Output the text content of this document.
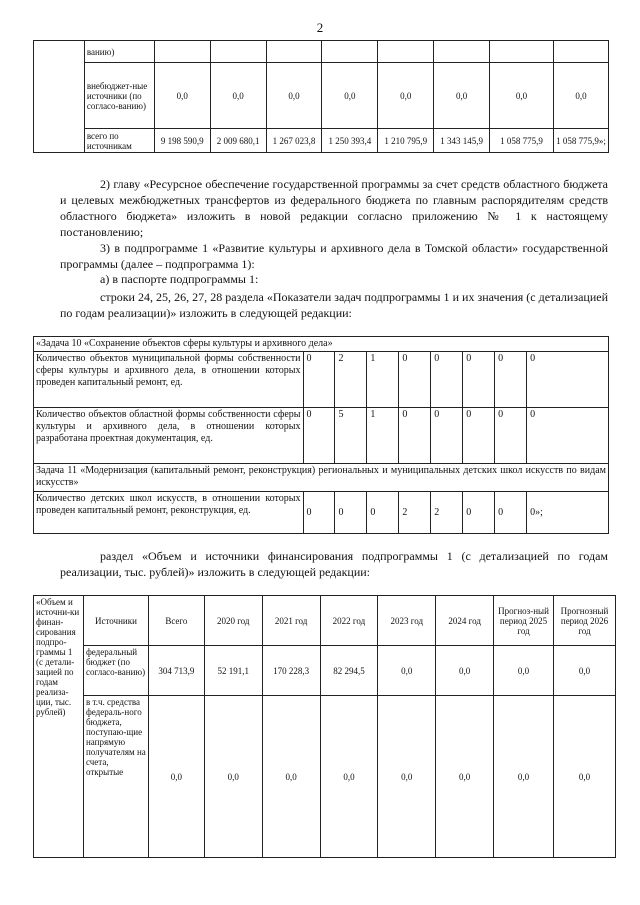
2
	ванию)								
	внебюджет-ные источники (по согласо-ванию)	0,0	0,0	0,0	0,0	0,0	0,0	0,0	0,0
	всего по источникам	9 198 590,9	2 009 680,1	1 267 023,8	1 250 393,4	1 210 795,9	1 343 145,9	1 058 775,9	1 058 775,9»;
2) главу «Ресурсное обеспечение государственной программы за счет средств областного бюджета и целевых межбюджетных трансфертов из федерального бюджета по главным распорядителям средств областного бюджета» изложить в новой редакции согласно приложению № 1 к настоящему постановлению;
3) в подпрограмме 1 «Развитие культуры и архивного дела в Томской области» государственной программы (далее – подпрограмма 1):
а) в паспорте подпрограммы 1:
строки 24, 25, 26, 27, 28 раздела «Показатели задач подпрограммы 1 и их значения (с детализацией по годам реализации)» изложить в следующей редакции:
«Задача 10 «Сохранение объектов сферы культуры и архивного дела»								
Количество объектов муниципальной формы собственности сферы культуры и архивного дела, в отношении которых проведен капитальный ремонт, ед.	0	2	1	0	0	0	0	0
Количество объектов областной формы собственности сферы культуры и архивного дела, в отношении которых разработана проектная документация, ед.	0	5	1	0	0	0	0	0
Задача 11 «Модернизация (капитальный ремонт, реконструкция) региональных и муниципальных детских школ искусств по видам искусств»								
Количество детских школ искусств, в отношении которых проведен капитальный ремонт, реконструкция, ед.	0	0	0	2	2	0	0	0»;
раздел «Объем и источники финансирования подпрограммы 1 (с детализацией по годам реализации, тыс. рублей)» изложить в следующей редакции:
«Объем и источни-ки финан-сирования подпро-граммы 1 (с детали-зацией по годам реализа-ции, тыс. рублей)	Источники	Всего	2020 год	2021 год	2022 год	2023 год	2024 год	Прогноз-ный период 2025 год	Прогнозный период 2026 год
	федеральный бюджет (по согласо-ванию)	304 713,9	52 191,1	170 228,3	82 294,5	0,0	0,0	0,0	0,0
	в т.ч. средства федераль-ного бюджета, поступаю-щие напрямую получателям на счета, открытые	0,0	0,0	0,0	0,0	0,0	0,0	0,0	0,0
